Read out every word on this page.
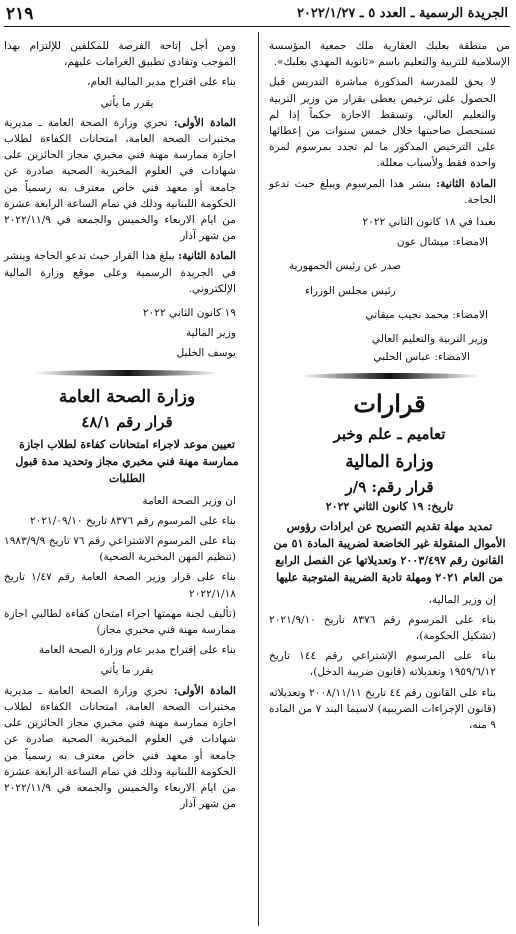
الجريدة الرسمية ـ العدد ٥ ـ ٢٠٢٢/١/٢٧
٢١٩

من منطقة بعلبك العقارية ملك جمعية المؤسسة الإسلامية للتربية والتعليم باسم «ثانوية المهدي بعلبك».

لا يحق للمدرسة المذكورة مباشرة التدريس قبل الحصول على ترخيص يعطى بقرار من وزير التربية والتعليم العالي، وتسقط الاجازة حكماً إذا لم تستحصل صاحبتها خلال خمس سنوات من إعطائها على الترخيص المذكور ما لم تجدد بمرسوم لمرة واحدة فقط ولأسباب معللة.

المادة الثانية: ينشر هذا المرسوم ويبلغ حيث تدعو الحاجة.

بعبدا في ١٨ كانون الثاني ٢٠٢٢

الامضاء: ميشال عون

صدر عن رئيس الجمهورية

رئيس مجلس الوزراء

الامضاء: محمد نجيب ميقاتي

وزير التربية والتعليم العالي

الامضاء: عباس الحلبي

قرارات
تعاميم ـ علم وخبر
وزارة المالية
قرار رقم: ٩/ر
تاريخ: ١٩ كانون الثاني ٢٠٢٢
تمديد مهلة تقديم التصريح عن ايرادات رؤوس الأموال المنقولة غير الخاضعة لضريبة المادة ٥١ من القانون رقم ٢٠٠٣/٤٩٧ وتعديلاتها عن الفصل الرابع من العام ٢٠٢١ ومهلة تادية الضريبة المتوجبة عليها

إن وزير المالية،

بناء على المرسوم رقم ٨٣٧٦ تاريخ ٢٠٢١/٩/١٠ (تشكيل الحكومة)،

بناء على المرسوم الإشتراعي رقم ١٤٤ تاريخ ١٩٥٩/٦/١٢ وتعديلاته (قانون ضريبة الدخل)،

بناء على القانون رقم ٤٤ تاريخ ٢٠٠٨/١١/١١ وتعديلاته (قانون الإجراءات الضريبية) لاسيما البند ٧ من المادة ٩ منه،

ومن أجل إتاحة الفرصة للمكلفين للإلتزام بهذا الموجب وتفادي تطبيق الغرامات عليهم،

بناء على اقتراح مدير المالية العام،

يقرر ما يأتي

المادة الأولى: تجري وزارة الصحة العامة ـ مديرية مختبرات الصحة العامة، امتحانات الكفاءة لطلاب اجازة ممارسة مهنة فني مخبري مجاز الحائزين على شهادات في العلوم المخبرية الصحية صادرة عن جامعة أو معهد فني خاص معترف به رسمياً من الحكومة اللبنانية وذلك في تمام الساعة الرابعة عشرة من ايام الاربعاء والخميس والجمعه في ٢٠٢٢/١١/٩ من شهر آذار

المادة الثانية: يبلغ هذا القرار حيث تدعو الحاجة وينشر في الجريدة الرسمية وعلى موقع وزارة المالية الإلكتروني.

١٩ كانون الثاني ٢٠٢٢

وزير المالية

يوسف الخليل

وزارة الصحة العامة
قرار رقم ٤٨/١
تعيين موعد لاجراء امتحانات كفاءة لطلاب اجازة ممارسة مهنة فني مخبري مجاز وتحديد مدة قبول الطلبات

ان وزير الصحة العامة

بناء على المرسوم رقم ٨٣٧٦ تاريخ ٢٠٢١/٠٩/١٠

بناء على المرسوم الاشتراعي رقم ٧٦ تاريخ ١٩٨٣/٩/٩ (تنظيم المهن المخبرية الصحية)

بناء على قرار وزير الصحة العامة رقم ١/٤٧ تاريخ ٢٠٢٢/١/١٨

(تأليف لجنة مهمتها اجراء امتحان كفاءة لطالبي اجازة ممارسة مهنة فني مخبري مجاز)

بناء على إقتراح مدير عام وزارة الصحة العامة

يقرر ما يأتي

المادة الأولى: تجري وزارة الصحة العامة ـ مديرية مختبرات الصحة العامة، امتحانات الكفاءة لطلاب اجازة ممارسة مهنة فني مخبري مجاز الحائزين على شهادات في العلوم المخبرية الصحية صادرة عن جامعة أو معهد فني خاص معترف به رسمياً من الحكومة اللبنانية وذلك في تمام الساعة الرابعة عشرة من ايام الاربعاء والخميس والجمعه في ٢٠٢٢/١١/٩ من شهر آذار
